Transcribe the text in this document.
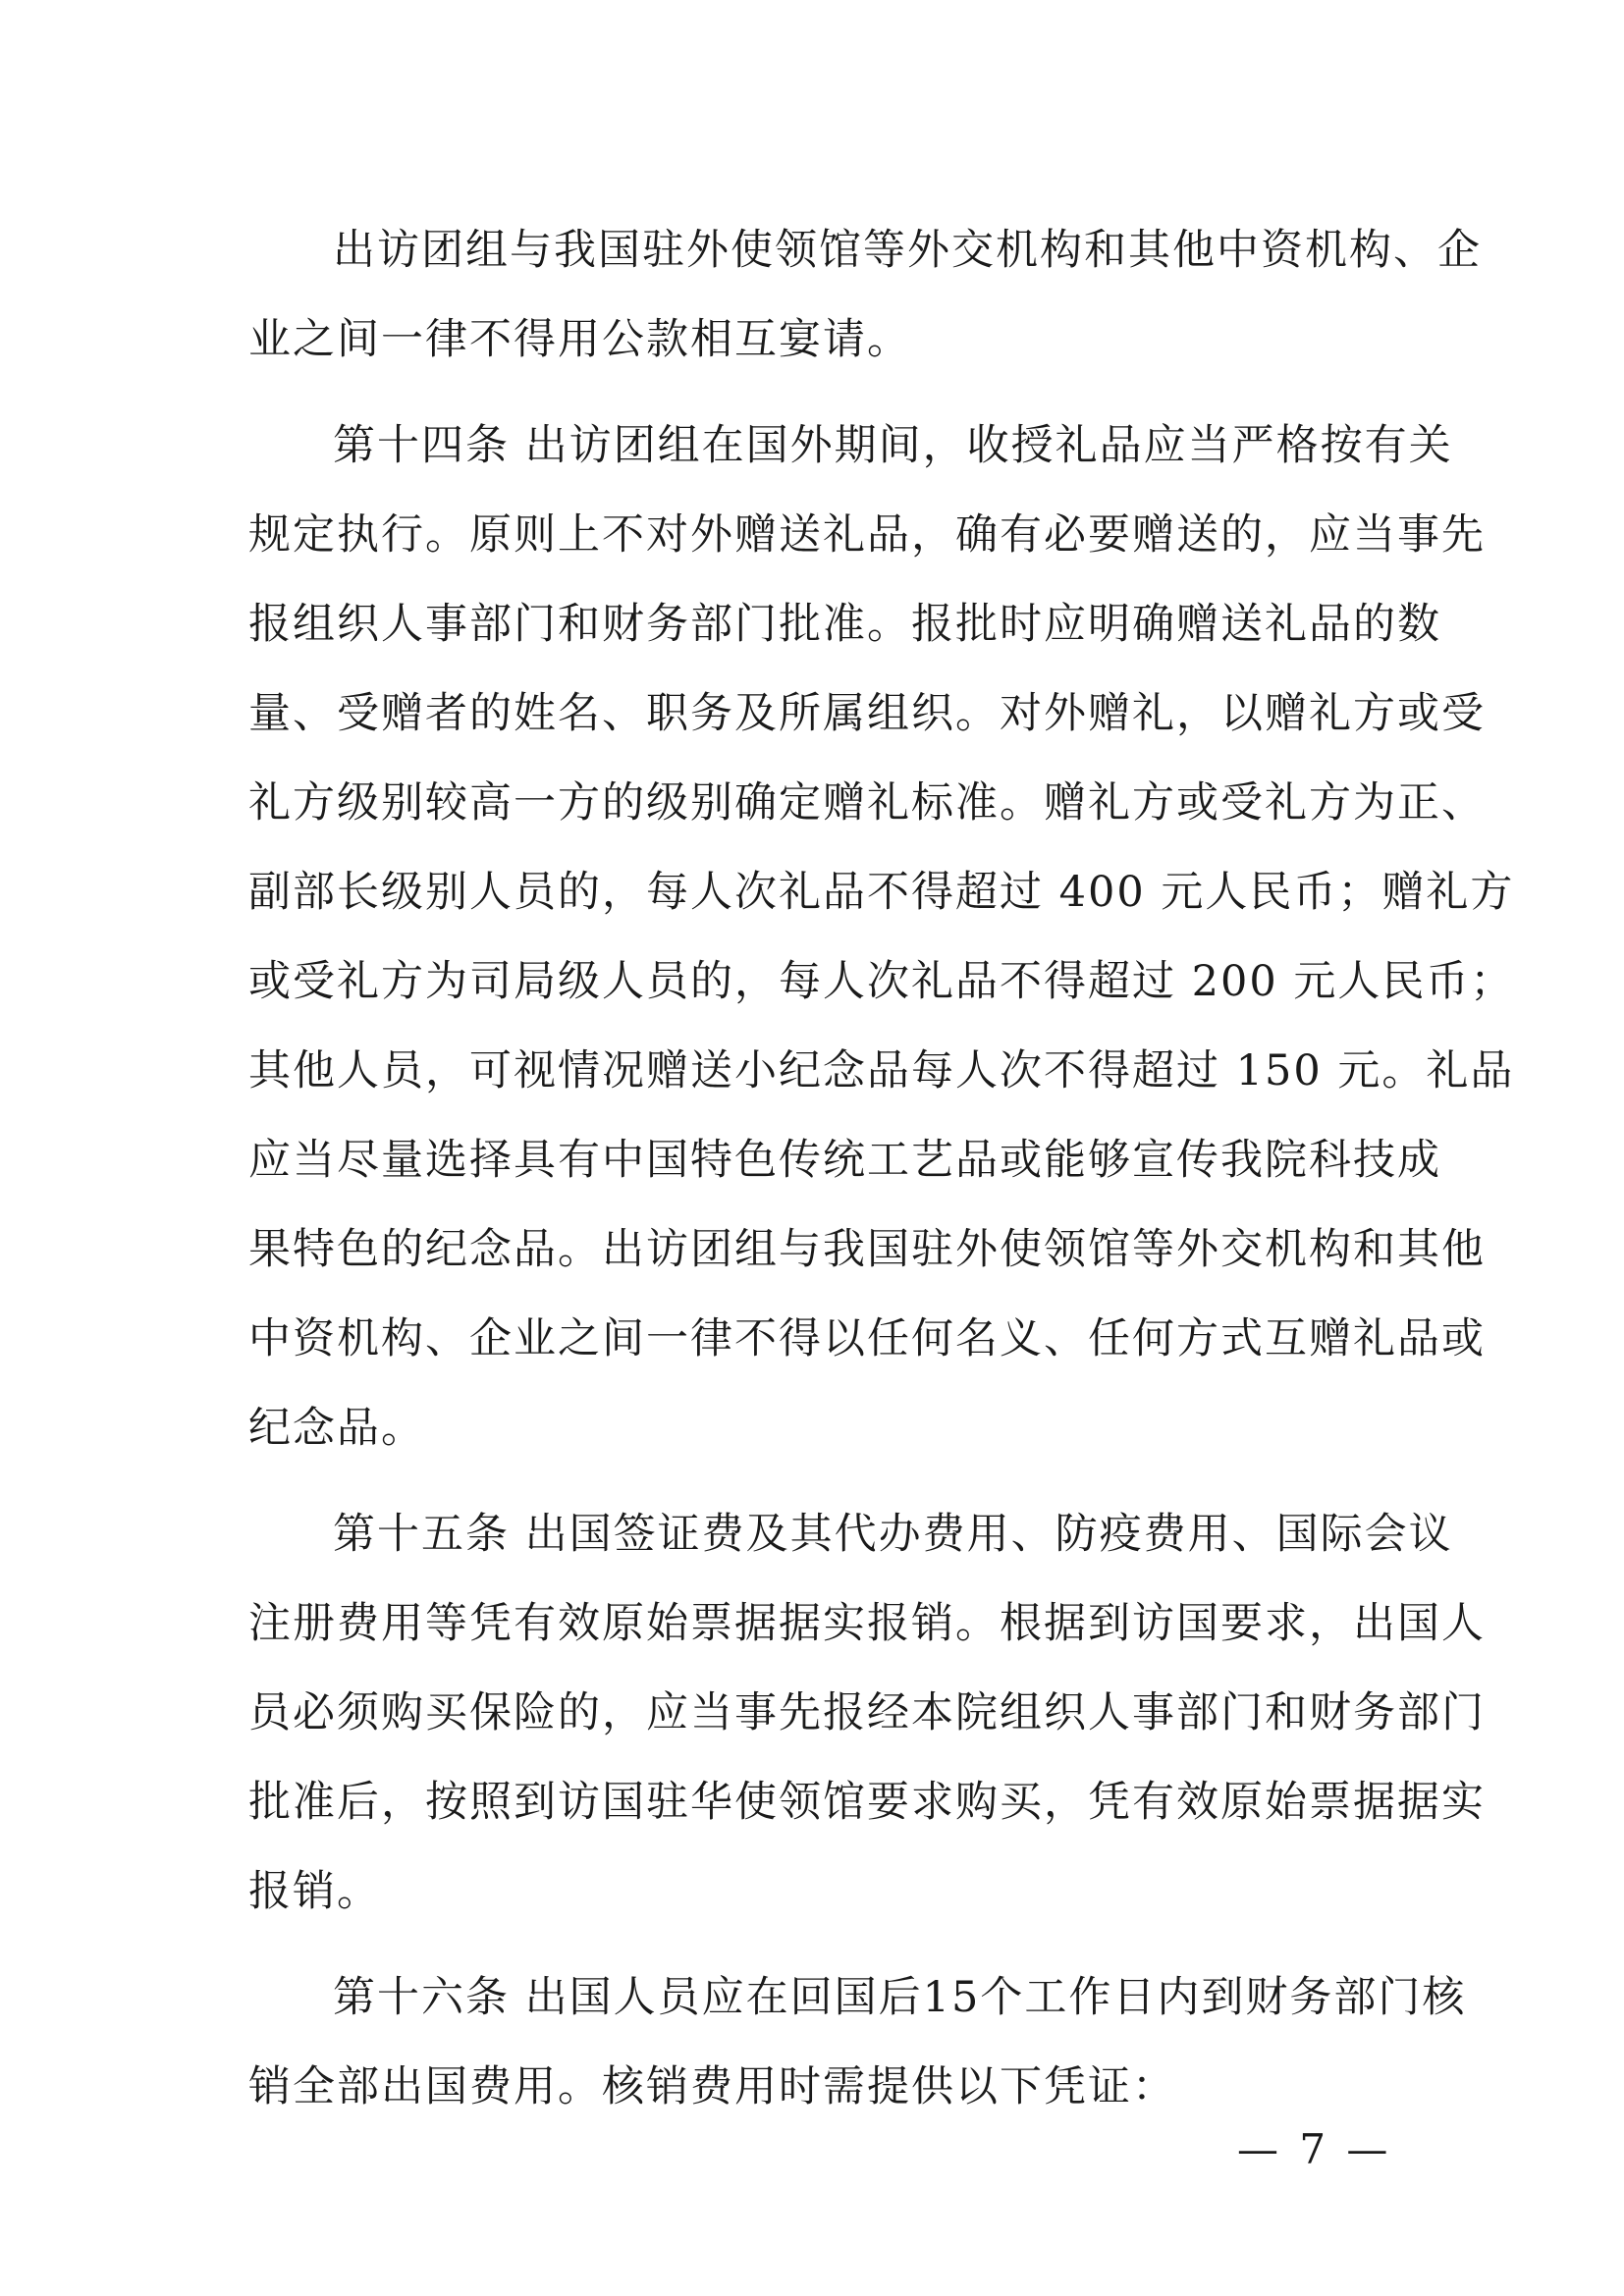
出访团组与我国驻外使领馆等外交机构和其他中资机构、企
业之间一律不得用公款相互宴请。
第十四条 出访团组在国外期间，收授礼品应当严格按有关
规定执行。原则上不对外赠送礼品，确有必要赠送的，应当事先
报组织人事部门和财务部门批准。报批时应明确赠送礼品的数
量、受赠者的姓名、职务及所属组织。对外赠礼，以赠礼方或受
礼方级别较高一方的级别确定赠礼标准。赠礼方或受礼方为正、
副部长级别人员的，每人次礼品不得超过 400 元人民币；赠礼方
或受礼方为司局级人员的，每人次礼品不得超过 200 元人民币；
其他人员，可视情况赠送小纪念品每人次不得超过 150 元。礼品
应当尽量选择具有中国特色传统工艺品或能够宣传我院科技成
果特色的纪念品。出访团组与我国驻外使领馆等外交机构和其他
中资机构、企业之间一律不得以任何名义、任何方式互赠礼品或
纪念品。
第十五条 出国签证费及其代办费用、防疫费用、国际会议
注册费用等凭有效原始票据据实报销。根据到访国要求，出国人
员必须购买保险的，应当事先报经本院组织人事部门和财务部门
批准后，按照到访国驻华使领馆要求购买，凭有效原始票据据实
报销。
第十六条 出国人员应在回国后15个工作日内到财务部门核
销全部出国费用。核销费用时需提供以下凭证：
— 7 —
